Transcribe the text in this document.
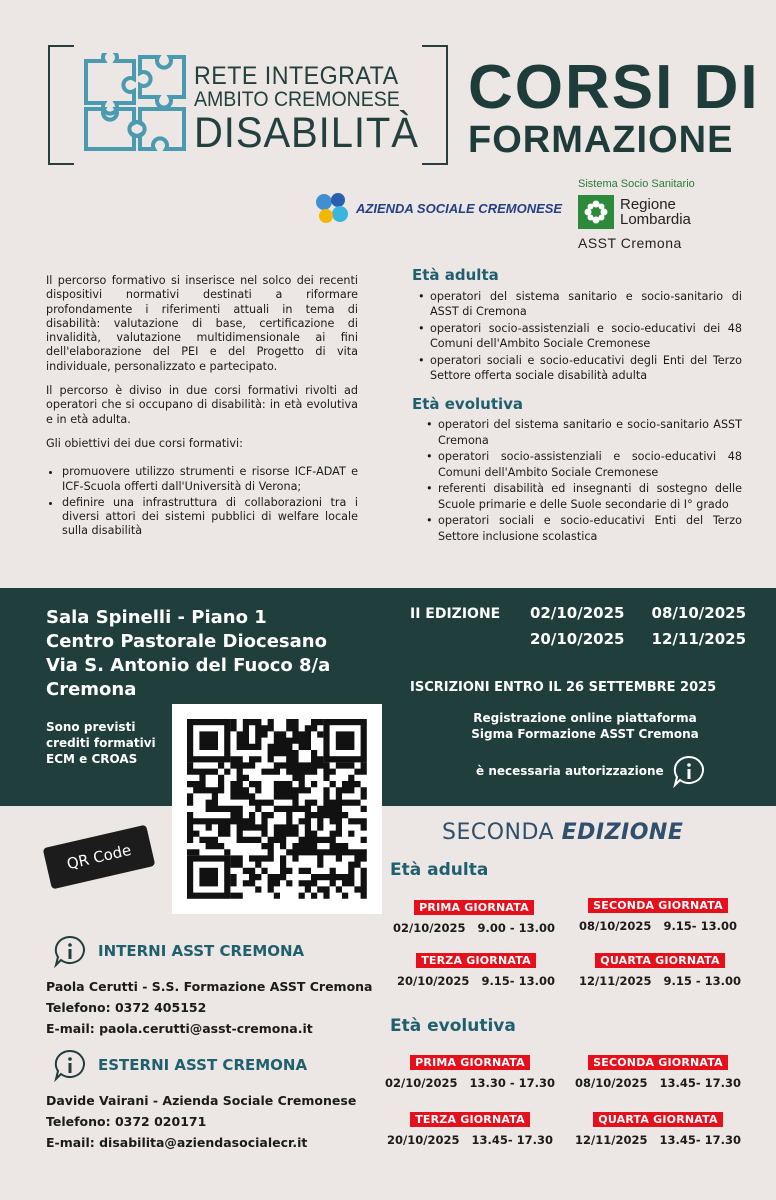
RETE INTEGRATA
AMBITO CREMONESE
DISABILITÀ
CORSI DI
FORMAZIONE
AZIENDA SOCIALE CREMONESE
Sistema Socio Sanitario
Regione
Lombardia
ASST Cremona

Il percorso formativo si inserisce nel solco dei recenti dispositivi normativi destinati a riformare profondamente i riferimenti attuali in tema di disabilità: valutazione di base, certificazione di invalidità, valutazione multidimensionale ai fini dell'elaborazione del PEI e del Progetto di vita individuale, personalizzato e partecipato.

Il percorso è diviso in due corsi formativi rivolti ad operatori che si occupano di disabilità: in età evolutiva e in età adulta.

Gli obiettivi dei due corsi formativi:

• promuovere utilizzo strumenti e risorse ICF-ADAT e ICF-Scuola offerti dall'Università di Verona;
• definire una infrastruttura di collaborazioni tra i diversi attori dei sistemi pubblici di welfare locale sulla disabilità
Età adulta
• operatori del sistema sanitario e socio-sanitario di ASST di Cremona
• operatori socio-assistenziali e socio-educativi dei 48 Comuni dell'Ambito Sociale Cremonese
• operatori sociali e socio-educativi degli Enti del Terzo Settore offerta sociale disabilità adulta
Età evolutiva
• operatori del sistema sanitario e socio-sanitario ASST Cremona
• operatori socio-assistenziali e socio-educativi 48 Comuni dell'Ambito Sociale Cremonese
• referenti disabilità ed insegnanti di sostegno delle Scuole primarie e delle Suole secondarie di I° grado
• operatori sociali e socio-educativi Enti del Terzo Settore inclusione scolastica
Sala Spinelli - Piano 1
Centro Pastorale Diocesano
Via S. Antonio del Fuoco 8/a
Cremona
II EDIZIONE 02/10/2025	08/10/2025
20/10/2025	12/11/2025
ISCRIZIONI ENTRO IL 26 SETTEMBRE 2025
Sono previsti
crediti formativi
ECM e CROAS
Registrazione online piattaforma
Sigma Formazione ASST Cremona
è necessaria autorizzazione
QR Code
INTERNI ASST CREMONA
Paola Cerutti - S.S. Formazione ASST Cremona
Telefono: 0372 405152
E-mail: paola.cerutti@asst-cremona.it
ESTERNI ASST CREMONA
Davide Vairani - Azienda Sociale Cremonese
Telefono: 0372 020171
E-mail: disabilita@aziendasocialecr.it
SECONDA EDIZIONE
Età adulta
PRIMA GIORNATA
02/10/2025 9.00 - 13.00
SECONDA GIORNATA
08/10/2025 9.15- 13.00
TERZA GIORNATA
20/10/2025 9.15- 13.00
QUARTA GIORNATA
12/11/2025 9.15 - 13.00
Età evolutiva
PRIMA GIORNATA
02/10/2025 13.30 - 17.30
SECONDA GIORNATA
08/10/2025 13.45- 17.30
TERZA GIORNATA
20/10/2025 13.45- 17.30
QUARTA GIORNATA
12/11/2025 13.45- 17.30
